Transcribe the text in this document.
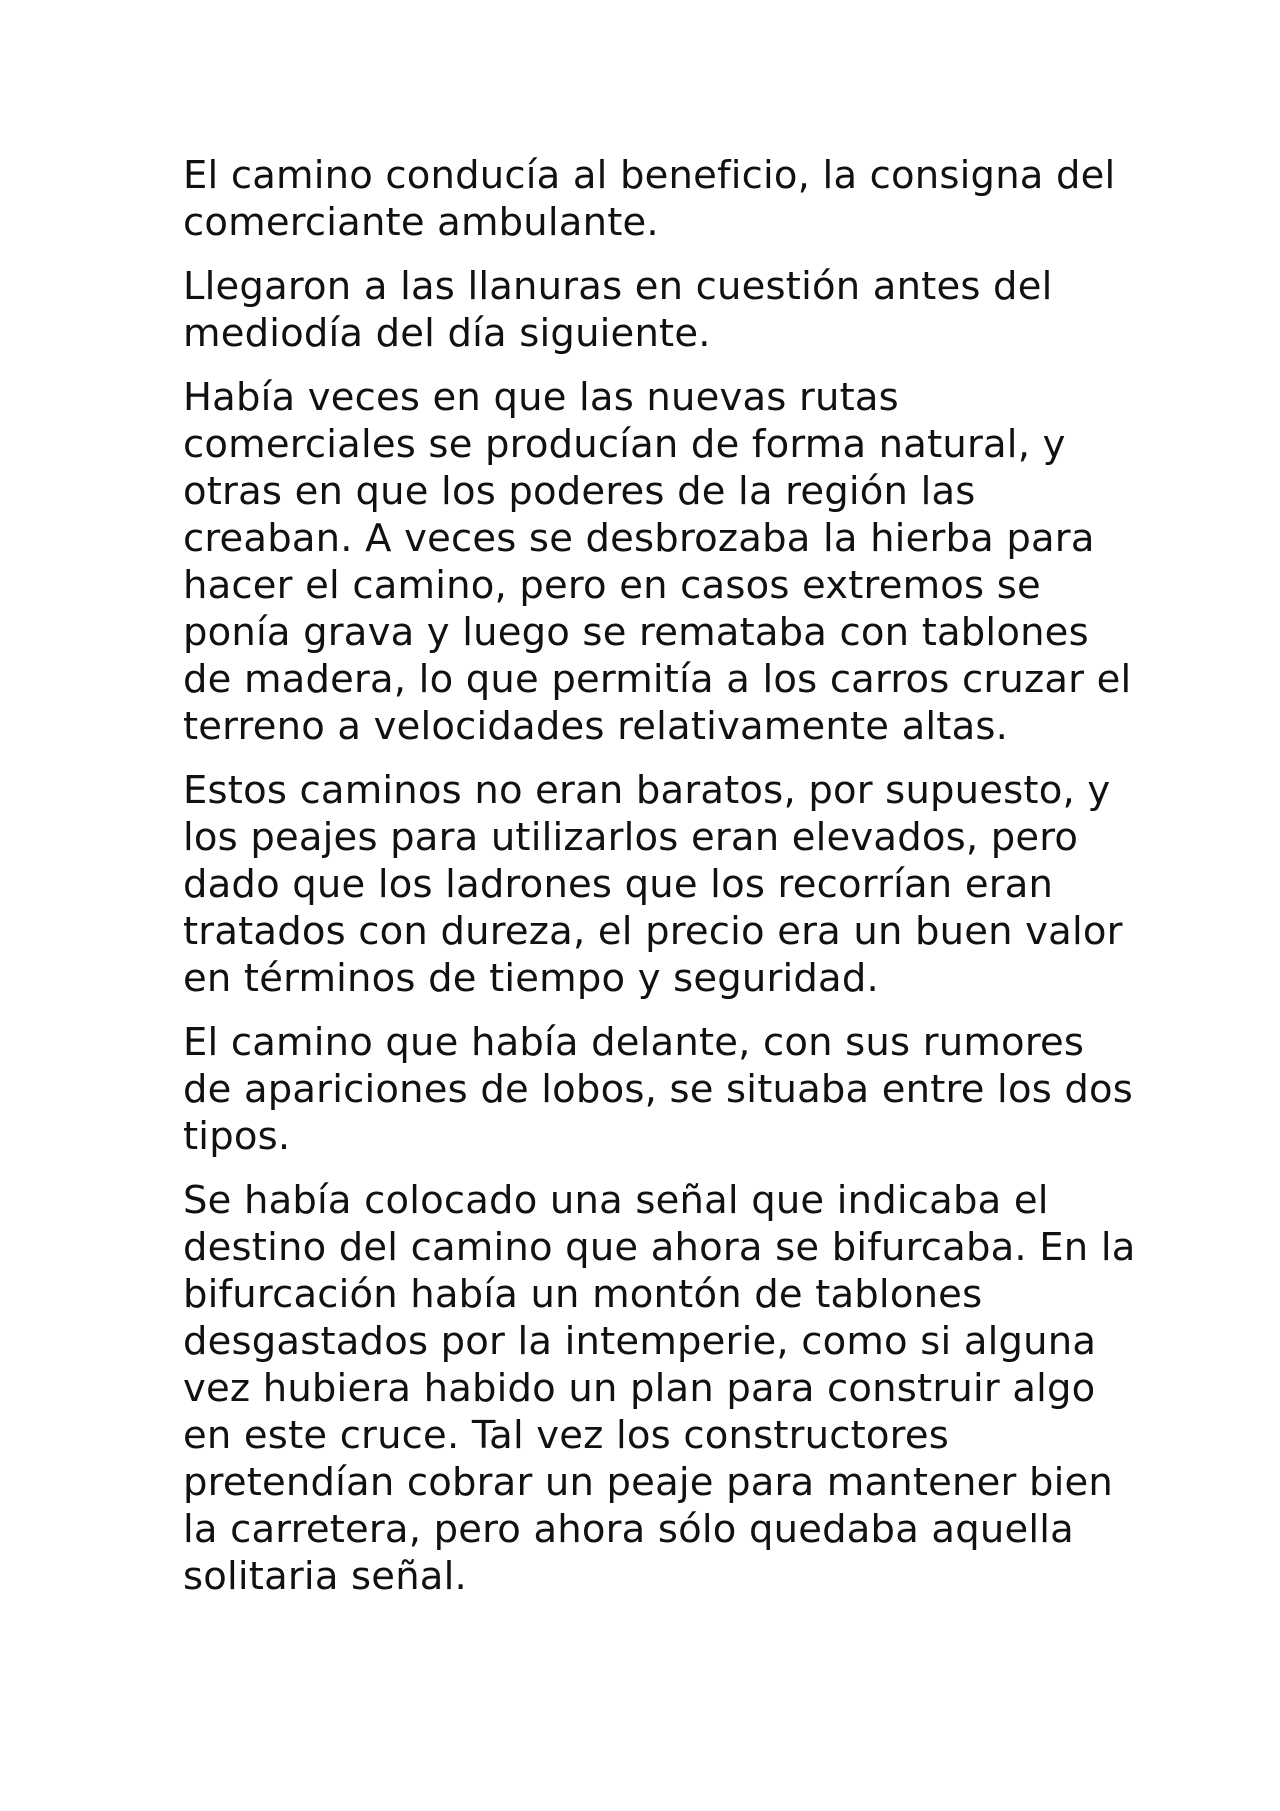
El camino conducía al beneficio, la consigna del comerciante ambulante.

Llegaron a las llanuras en cuestión antes del mediodía del día siguiente.

Había veces en que las nuevas rutas comerciales se producían de forma natural, y otras en que los poderes de la región las creaban. A veces se desbrozaba la hierba para hacer el camino, pero en casos extremos se ponía grava y luego se remataba con tablones de madera, lo que permitía a los carros cruzar el terreno a velocidades relativamente altas.

Estos caminos no eran baratos, por supuesto, y los peajes para utilizarlos eran elevados, pero dado que los ladrones que los recorrían eran tratados con dureza, el precio era un buen valor en términos de tiempo y seguridad.

El camino que había delante, con sus rumores de apariciones de lobos, se situaba entre los dos tipos.

Se había colocado una señal que indicaba el destino del camino que ahora se bifurcaba. En la bifurcación había un montón de tablones desgastados por la intemperie, como si alguna vez hubiera habido un plan para construir algo en este cruce. Tal vez los constructores pretendían cobrar un peaje para mantener bien la carretera, pero ahora sólo quedaba aquella solitaria señal.
